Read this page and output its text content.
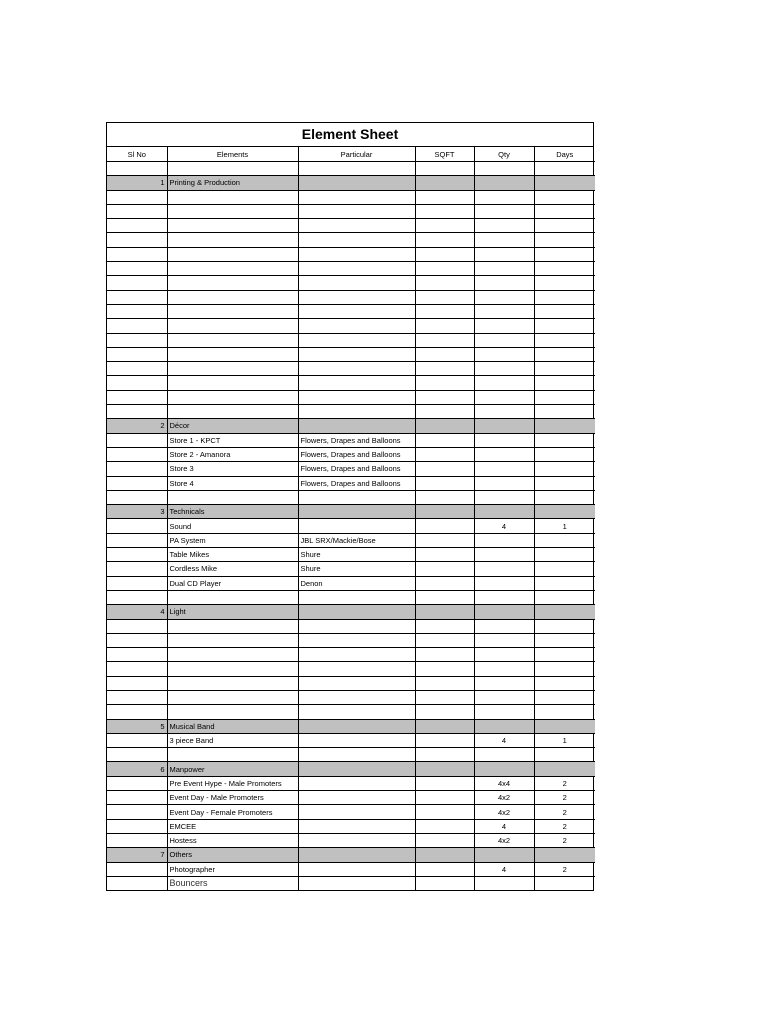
Element Sheet
Sl No	Elements	Particular	SQFT	Qty	Days

1	Printing & Production				

2	Décor				
	Store 1 - KPCT	Flowers, Drapes and Balloons			
	Store 2 - Amanora	Flowers, Drapes and Balloons			
	Store 3	Flowers, Drapes and Balloons			
	Store 4	Flowers, Drapes and Balloons			

3	Technicals				
	Sound			4	1
	PA System	JBL SRX/Mackie/Bose			
	Table Mikes	Shure			
	Cordless Mike	Shure			
	Dual CD Player	Denon			

4	Light				

5	Musical Band				
	3 piece Band			4	1

6	Manpower				
	Pre Event Hype - Male Promoters			4x4	2
	Event Day - Male Promoters			4x2	2
	Event Day - Female Promoters			4x2	2
	EMCEE			4	2
	Hostess			4x2	2
7	Others				
	Photographer			4	2
	Bouncers				
